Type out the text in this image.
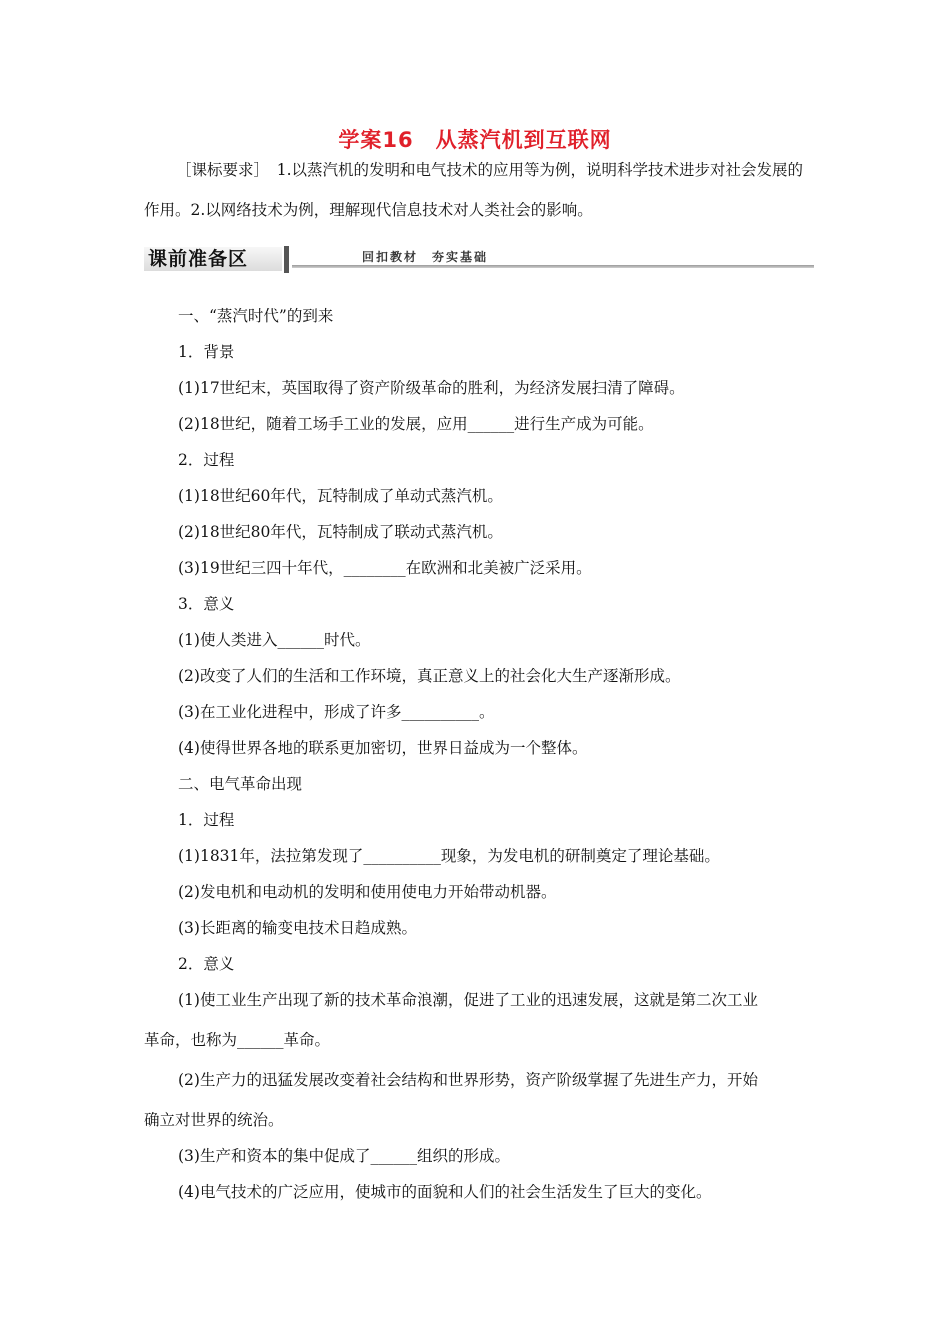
学案16　从蒸汽机到互联网
［课标要求］　1.以蒸汽机的发明和电气技术的应用等为例，说明科学技术进步对社会发展的作用。2.以网络技术为例，理解现代信息技术对人类社会的影响。
课前准备区	回扣教材　夯实基础
一、“蒸汽时代”的到来
1．背景
(1)17世纪末，英国取得了资产阶级革命的胜利，为经济发展扫清了障碍。
(2)18世纪，随着工场手工业的发展，应用______进行生产成为可能。
2．过程
(1)18世纪60年代，瓦特制成了单动式蒸汽机。
(2)18世纪80年代，瓦特制成了联动式蒸汽机。
(3)19世纪三四十年代，________在欧洲和北美被广泛采用。
3．意义
(1)使人类进入______时代。
(2)改变了人们的生活和工作环境，真正意义上的社会化大生产逐渐形成。
(3)在工业化进程中，形成了许多__________。
(4)使得世界各地的联系更加密切，世界日益成为一个整体。
二、电气革命出现
1．过程
(1)1831年，法拉第发现了__________现象，为发电机的研制奠定了理论基础。
(2)发电机和电动机的发明和使用使电力开始带动机器。
(3)长距离的输变电技术日趋成熟。
2．意义
(1)使工业生产出现了新的技术革命浪潮，促进了工业的迅速发展，这就是第二次工业
革命，也称为______革命。
(2)生产力的迅猛发展改变着社会结构和世界形势，资产阶级掌握了先进生产力，开始
确立对世界的统治。
(3)生产和资本的集中促成了______组织的形成。
(4)电气技术的广泛应用，使城市的面貌和人们的社会生活发生了巨大的变化。
